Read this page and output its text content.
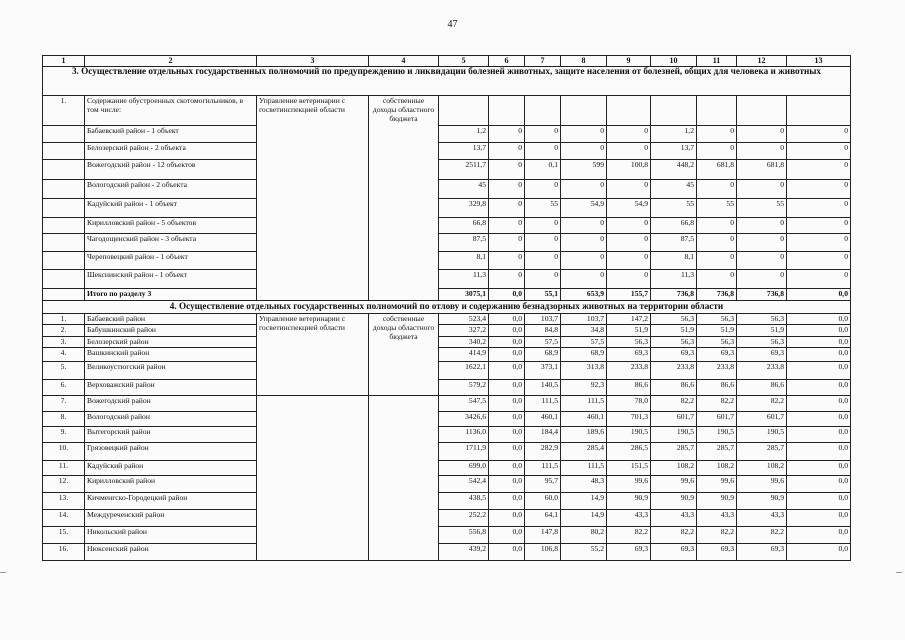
47
1	2	3	4	5	6	7	8	9	10	11	12	13
3. Осуществление отдельных государственных полномочий по предупреждению и ликвидации болезней животных, защите населения от болезней, общих для человека и животных												
1.	Содержание обустроенных скотомогильников, в том числе:	Управление ветеринарии с госветинспекцией области	собственные доходы областного бюджета									
	Бабаевский район - 1 объект			1,2	0	0	0	0	1,2	0	0	0
	Белозерский район - 2 объекта			13,7	0	0	0	0	13,7	0	0	0
	Вожегодский район - 12 объектов			2511,7	0	0,1	599	100,8	448,2	681,8	681,8	0
	Вологодский район - 2 объекта			45	0	0	0	0	45	0	0	0
	Кадуйский район - 1 объект			329,8	0	55	54,9	54,9	55	55	55	0
	Кирилловский район - 5 объектов			66,8	0	0	0	0	66,8	0	0	0
	Чагодощенский район - 3 объекта			87,5	0	0	0	0	87,5	0	0	0
	Череповецкий район - 1 объект			8,1	0	0	0	0	8,1	0	0	0
	Шекснинский район - 1 объект			11,3	0	0	0	0	11,3	0	0	0
	Итого по разделу 3			3075,1	0,0	55,1	653,9	155,7	736,8	736,8	736,8	0,0
4. Осуществление отдельных государственных полномочий по отлову и содержанию безнадзорных животных на территории области												
1.	Бабаевский район	Управление ветеринарии с госветинспекцией области	собственные доходы областного бюджета	523,4	0,0	103,7	103,7	147,2	56,3	56,3	56,3	0,0
2.	Бабушкинский район			327,2	0,0	84,8	34,8	51,9	51,9	51,9	51,9	0,0
3.	Белозерский район			340,2	0,0	57,5	57,5	56,3	56,3	56,3	56,3	0,0
4.	Вашкинский район			414,9	0,0	68,9	68,9	69,3	69,3	69,3	69,3	0,0
5.	Великоустюгский район			1622,1	0,0	373,1	313,8	233,8	233,8	233,8	233,8	0,0
6.	Верховажский район			579,2	0,0	140,5	92,3	86,6	86,6	86,6	86,6	0,0
7.	Вожегодский район			547,5	0,0	111,5	111,5	78,0	82,2	82,2	82,2	0,0
8.	Вологодский район			3426,6	0,0	460,1	460,1	701,3	601,7	601,7	601,7	0,0
9.	Вытегорский район			1136,0	0,0	184,4	189,6	190,5	190,5	190,5	190,5	0,0
10.	Грязовецкий район			1711,9	0,0	282,9	285,4	286,5	285,7	285,7	285,7	0,0
11.	Кадуйский район			699,0	0,0	111,5	111,5	151,5	108,2	108,2	108,2	0,0
12.	Кирилловский район			542,4	0,0	95,7	48,3	99,6	99,6	99,6	99,6	0,0
13.	Кичменгско-Городецкий район			438,5	0,0	60,0	14,9	90,9	90,9	90,9	90,9	0,0
14.	Междуреченский район			252,2	0,0	64,1	14,9	43,3	43,3	43,3	43,3	0,0
15.	Никольский район			556,8	0,0	147,8	80,2	82,2	82,2	82,2	82,2	0,0
16.	Нюксенский район			439,2	0,0	106,8	55,2	69,3	69,3	69,3	69,3	0,0
